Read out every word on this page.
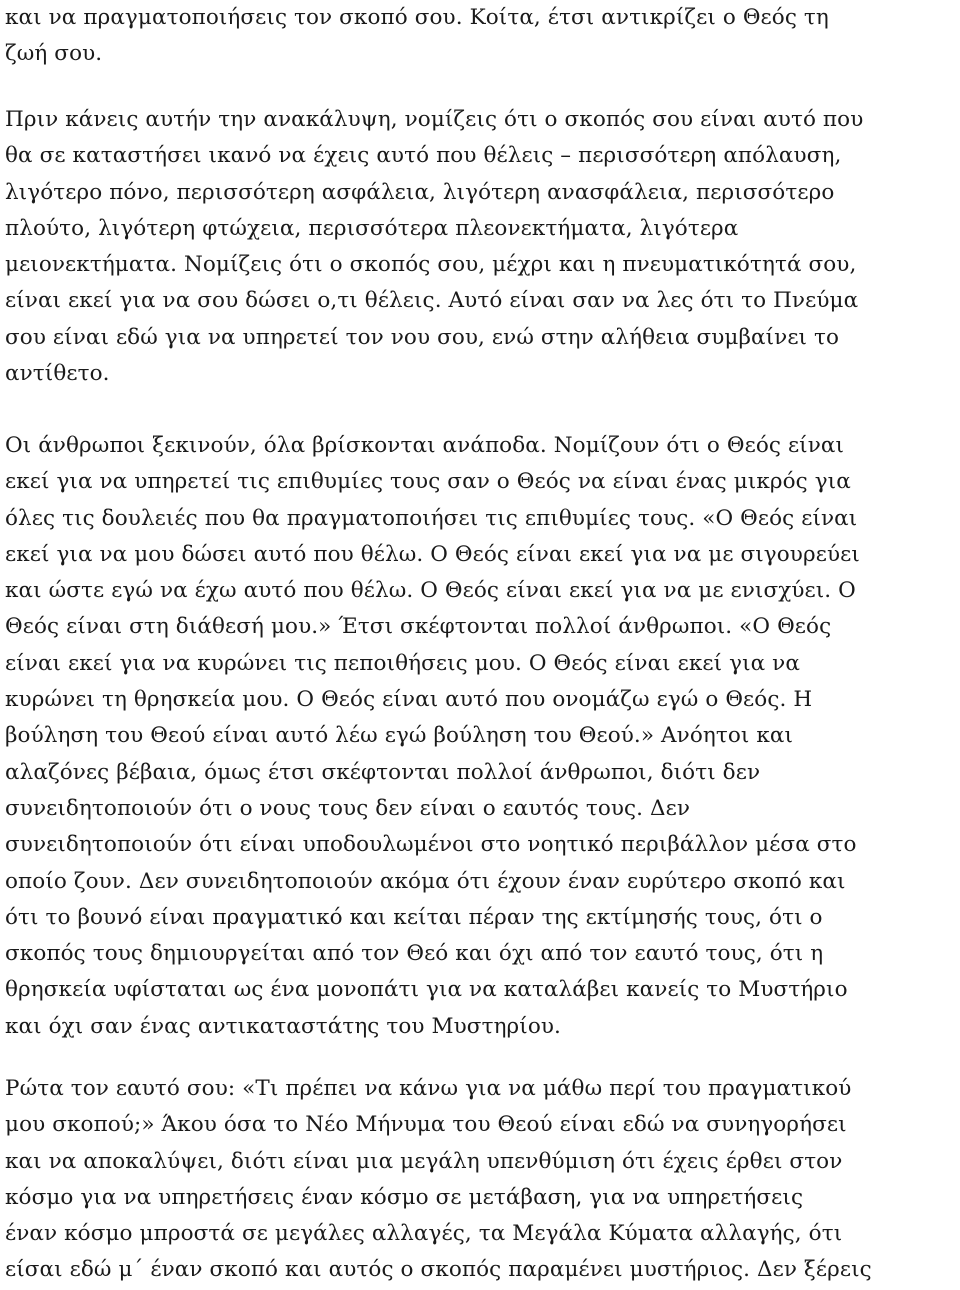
και να πραγματοποιήσεις τον σκοπό σου. Κοίτα, έτσι αντικρίζει ο Θεός τη
ζωή σου.

Πριν κάνεις αυτήν την ανακάλυψη, νομίζεις ότι ο σκοπός σου είναι αυτό που
θα σε καταστήσει ικανό να έχεις αυτό που θέλεις – περισσότερη απόλαυση,
λιγότερο πόνο, περισσότερη ασφάλεια, λιγότερη ανασφάλεια, περισσότερο
πλούτο, λιγότερη φτώχεια, περισσότερα πλεονεκτήματα, λιγότερα
μειονεκτήματα. Νομίζεις ότι ο σκοπός σου, μέχρι και η πνευματικότητά σου,
είναι εκεί για να σου δώσει ο,τι θέλεις. Αυτό είναι σαν να λες ότι το Πνεύμα
σου είναι εδώ για να υπηρετεί τον νου σου, ενώ στην αλήθεια συμβαίνει το
αντίθετο.

Οι άνθρωποι ξεκινούν, όλα βρίσκονται ανάποδα. Νομίζουν ότι ο Θεός είναι
εκεί για να υπηρετεί τις επιθυμίες τους σαν ο Θεός να είναι ένας μικρός για
όλες τις δουλειές που θα πραγματοποιήσει τις επιθυμίες τους. «Ο Θεός είναι
εκεί για να μου δώσει αυτό που θέλω. Ο Θεός είναι εκεί για να με σιγουρεύει
και ώστε εγώ να έχω αυτό που θέλω. Ο Θεός είναι εκεί για να με ενισχύει. Ο
Θεός είναι στη διάθεσή μου.» Έτσι σκέφτονται πολλοί άνθρωποι. «Ο Θεός
είναι εκεί για να κυρώνει τις πεποιθήσεις μου. Ο Θεός είναι εκεί για να
κυρώνει τη θρησκεία μου. Ο Θεός είναι αυτό που ονομάζω εγώ ο Θεός. Η
βούληση του Θεού είναι αυτό λέω εγώ βούληση του Θεού.» Ανόητοι και
αλαζόνες βέβαια, όμως έτσι σκέφτονται πολλοί άνθρωποι, διότι δεν
συνειδητοποιούν ότι ο νους τους δεν είναι ο εαυτός τους. Δεν
συνειδητοποιούν ότι είναι υποδουλωμένοι στο νοητικό περιβάλλον μέσα στο
οποίο ζουν. Δεν συνειδητοποιούν ακόμα ότι έχουν έναν ευρύτερο σκοπό και
ότι το βουνό είναι πραγματικό και κείται πέραν της εκτίμησής τους, ότι ο
σκοπός τους δημιουργείται από τον Θεό και όχι από τον εαυτό τους, ότι η
θρησκεία υφίσταται ως ένα μονοπάτι για να καταλάβει κανείς το Μυστήριο
και όχι σαν ένας αντικαταστάτης του Μυστηρίου.

Ρώτα τον εαυτό σου: «Τι πρέπει να κάνω για να μάθω περί του πραγματικού
μου σκοπού;» Άκου όσα το Νέο Μήνυμα του Θεού είναι εδώ να συνηγορήσει
και να αποκαλύψει, διότι είναι μια μεγάλη υπενθύμιση ότι έχεις έρθει στον
κόσμο για να υπηρετήσεις έναν κόσμο σε μετάβαση, για να υπηρετήσεις
έναν κόσμο μπροστά σε μεγάλες αλλαγές, τα Μεγάλα Κύματα αλλαγής, ότι
είσαι εδώ μ΄ έναν σκοπό και αυτός ο σκοπός παραμένει μυστήριος. Δεν ξέρεις
